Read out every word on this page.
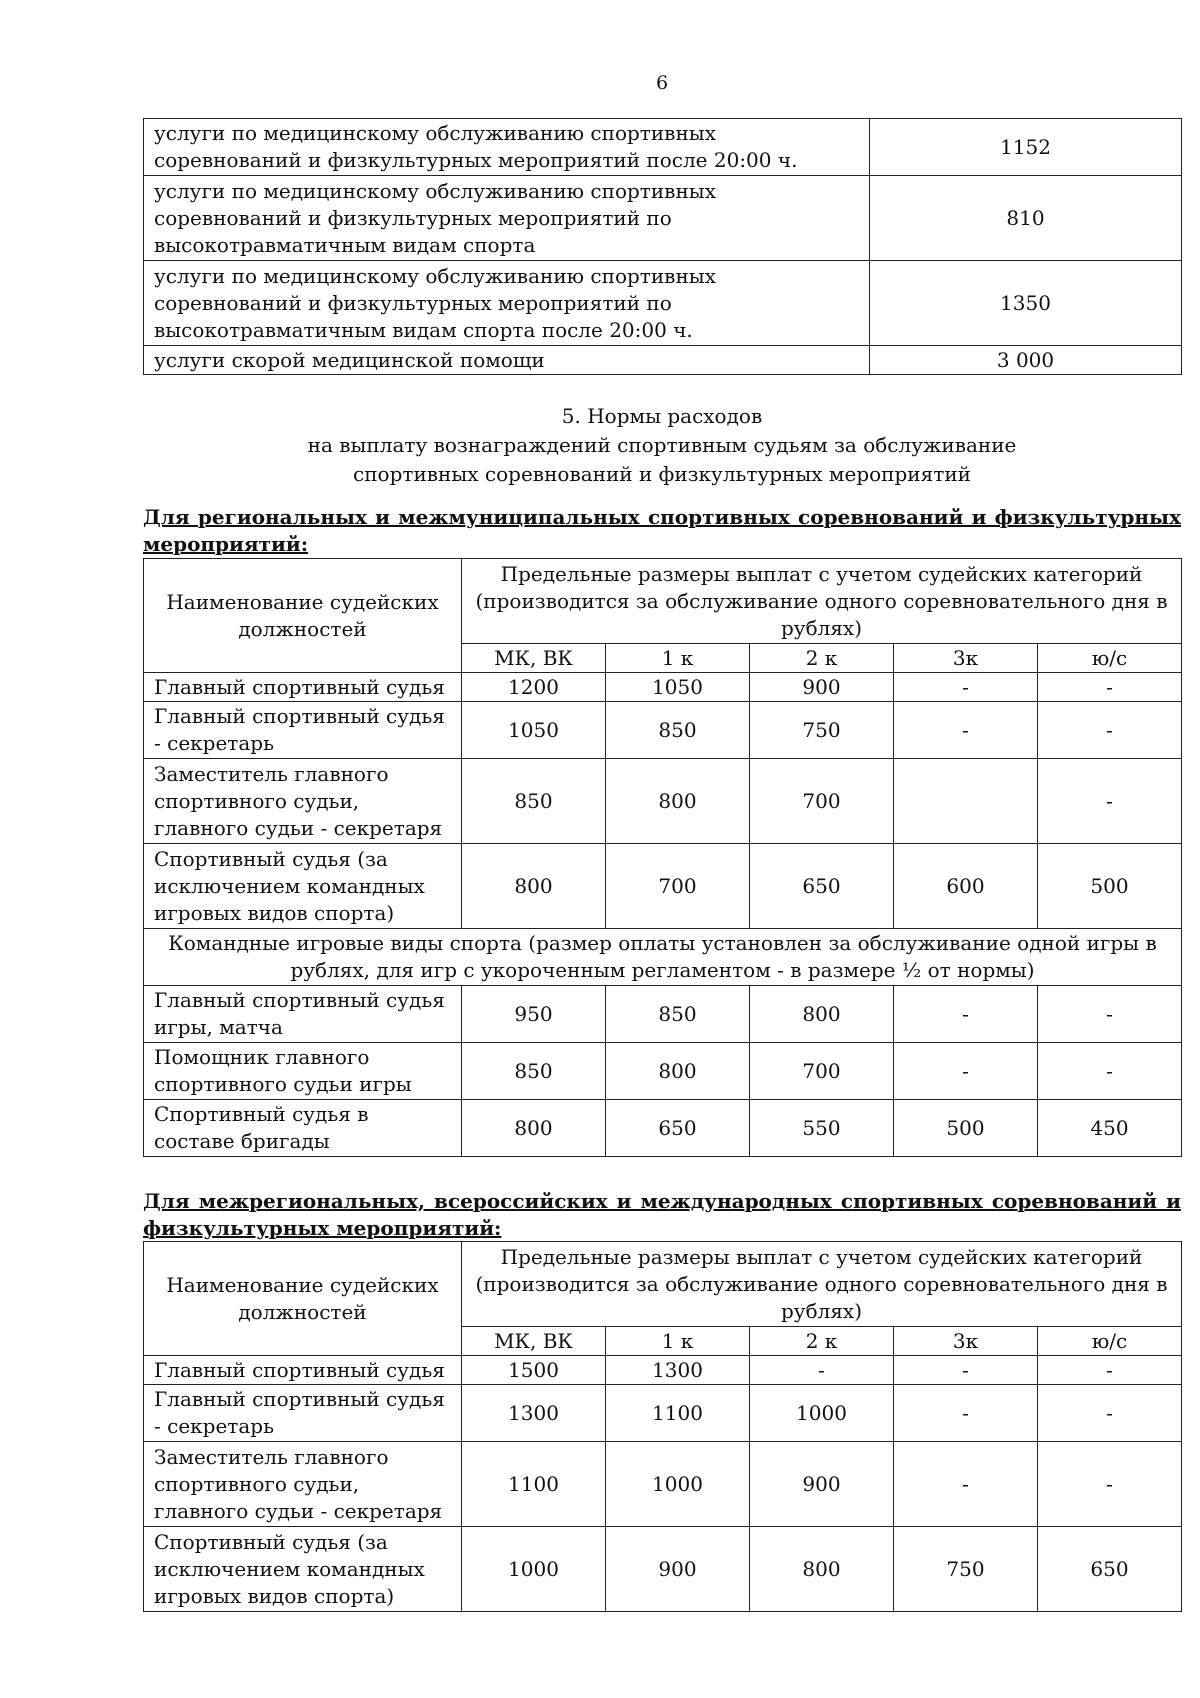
6
услуги по медицинскому обслуживанию спортивных соревнований и физкультурных мероприятий после 20:00 ч.	1152
услуги по медицинскому обслуживанию спортивных соревнований и физкультурных мероприятий по высокотравматичным видам спорта	810
услуги по медицинскому обслуживанию спортивных соревнований и физкультурных мероприятий по высокотравматичным видам спорта после 20:00 ч.	1350
услуги скорой медицинской помощи	3 000
5. Нормы расходов
на выплату вознаграждений спортивным судьям за обслуживание
спортивных соревнований и физкультурных мероприятий
Для региональных и межмуниципальных спортивных соревнований и физкультурных мероприятий:
Наименование судейских должностей	Предельные размеры выплат с учетом судейских категорий (производится за обслуживание одного соревновательного дня в рублях)				
	МК, ВК	1 к	2 к	3к	ю/с
Главный спортивный судья	1200	1050	900	-	-
Главный спортивный судья - секретарь	1050	850	750	-	-
Заместитель главного спортивного судьи, главного судьи - секретаря	850	800	700		-
Спортивный судья (за исключением командных игровых видов спорта)	800	700	650	600	500
Командные игровые виды спорта (размер оплаты установлен за обслуживание одной игры в рублях, для игр с укороченным регламентом - в размере ½ от нормы)					
Главный спортивный судья игры, матча	950	850	800	-	-
Помощник главного спортивного судьи игры	850	800	700	-	-
Спортивный судья в составе бригады	800	650	550	500	450
Для межрегиональных, всероссийских и международных спортивных соревнований и физкультурных мероприятий:
Наименование судейских должностей	Предельные размеры выплат с учетом судейских категорий (производится за обслуживание одного соревновательного дня в рублях)				
	МК, ВК	1 к	2 к	3к	ю/с
Главный спортивный судья	1500	1300	-	-	-
Главный спортивный судья - секретарь	1300	1100	1000	-	-
Заместитель главного спортивного судьи, главного судьи - секретаря	1100	1000	900	-	-
Спортивный судья (за исключением командных игровых видов спорта)	1000	900	800	750	650
